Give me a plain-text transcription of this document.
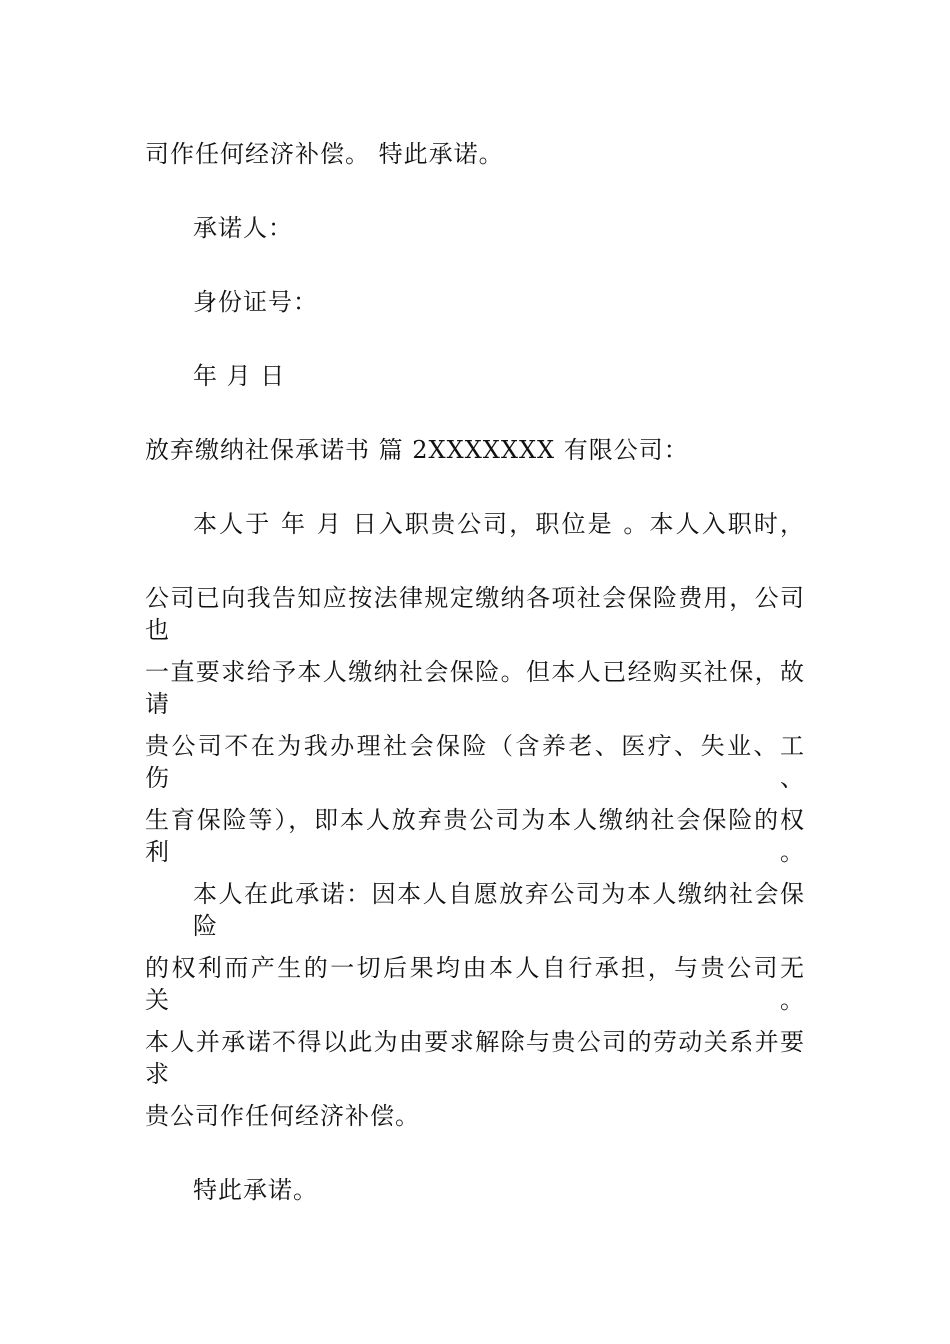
司作任何经济补偿。 特此承诺。
承诺人：
身份证号：
年 月 日
放弃缴纳社保承诺书 篇 2XXXXXXX 有限公司：
本人于 年 月 日入职贵公司，职位是 。本人入职时，
公司已向我告知应按法律规定缴纳各项社会保险费用，公司也
一直要求给予本人缴纳社会保险。但本人已经购买社保，故请
贵公司不在为我办理社会保险（含养老、医疗、失业、工伤、
生育保险等），即本人放弃贵公司为本人缴纳社会保险的权利。
本人在此承诺：因本人自愿放弃公司为本人缴纳社会保险
的权利而产生的一切后果均由本人自行承担，与贵公司无关。
本人并承诺不得以此为由要求解除与贵公司的劳动关系并要求
贵公司作任何经济补偿。
特此承诺。
